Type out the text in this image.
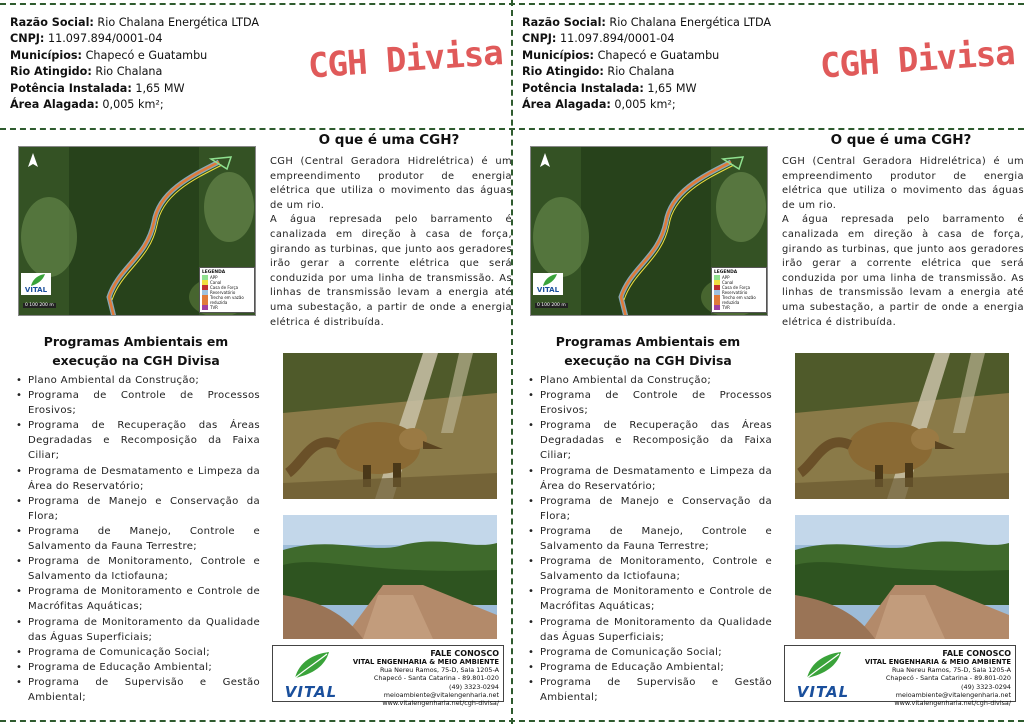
Razão Social: Rio Chalana Energética LTDA
CNPJ: 11.097.894/0001-04
Municípios: Chapecó e Guatambu
Rio Atingido: Rio Chalana
Potência Instalada: 1,65 MW
Área Alagada: 0,005 km²;
CGH Divisa
LEGENDA
APP
Canal
Casa de Força
Reservatório
Trecho em vazão reduzida
TVR
VITAL
0 100 200 m
O que é uma CGH?
CGH (Central Geradora Hidrelétrica) é um empreendimento produtor de energia elétrica que utiliza o movimento das águas de um rio.
A água represada pelo barramento é canalizada em direção à casa de força, girando as turbinas, que junto aos geradores irão gerar a corrente elétrica que será conduzida por uma linha de transmissão. As linhas de transmissão levam a energia até uma subestação, a partir de onde a energia elétrica é distribuída.
Programas Ambientais em execução na CGH Divisa
• Plano Ambiental da Construção;
• Programa de Controle de Processos Erosivos;
• Programa de Recuperação das Áreas Degradadas e Recomposição da Faixa Ciliar;
• Programa de Desmatamento e Limpeza da Área do Reservatório;
• Programa de Manejo e Conservação da Flora;
• Programa de Manejo, Controle e Salvamento da Fauna Terrestre;
• Programa de Monitoramento, Controle e Salvamento da Ictiofauna;
• Programa de Monitoramento e Controle de Macrófitas Aquáticas;
• Programa de Monitoramento da Qualidade das Águas Superficiais;
• Programa de Comunicação Social;
• Programa de Educação Ambiental;
• Programa de Supervisão e Gestão Ambiental;	VITAL
FALE CONOSCO
VITAL ENGENHARIA & MEIO AMBIENTE
Rua Nereu Ramos, 75-D, Sala 1205-A
Chapecó - Santa Catarina - 89.801-020
(49) 3323-0294
meioambiente@vitalengenharia.net
www.vitalengenharia.net/cgh-divisa/
Razão Social: Rio Chalana Energética LTDA
CNPJ: 11.097.894/0001-04
Municípios: Chapecó e Guatambu
Rio Atingido: Rio Chalana
Potência Instalada: 1,65 MW
Área Alagada: 0,005 km²;
CGH Divisa
LEGENDA
APP
Canal
Casa de Força
Reservatório
Trecho em vazão reduzida
TVR
VITAL
0 100 200 m
O que é uma CGH?
CGH (Central Geradora Hidrelétrica) é um empreendimento produtor de energia elétrica que utiliza o movimento das águas de um rio.
A água represada pelo barramento é canalizada em direção à casa de força, girando as turbinas, que junto aos geradores irão gerar a corrente elétrica que será conduzida por uma linha de transmissão. As linhas de transmissão levam a energia até uma subestação, a partir de onde a energia elétrica é distribuída.
Programas Ambientais em execução na CGH Divisa
• Plano Ambiental da Construção;
• Programa de Controle de Processos Erosivos;
• Programa de Recuperação das Áreas Degradadas e Recomposição da Faixa Ciliar;
• Programa de Desmatamento e Limpeza da Área do Reservatório;
• Programa de Manejo e Conservação da Flora;
• Programa de Manejo, Controle e Salvamento da Fauna Terrestre;
• Programa de Monitoramento, Controle e Salvamento da Ictiofauna;
• Programa de Monitoramento e Controle de Macrófitas Aquáticas;
• Programa de Monitoramento da Qualidade das Águas Superficiais;
• Programa de Comunicação Social;
• Programa de Educação Ambiental;
• Programa de Supervisão e Gestão Ambiental;	VITAL
FALE CONOSCO
VITAL ENGENHARIA & MEIO AMBIENTE
Rua Nereu Ramos, 75-D, Sala 1205-A
Chapecó - Santa Catarina - 89.801-020
(49) 3323-0294
meioambiente@vitalengenharia.net
www.vitalengenharia.net/cgh-divisa/
